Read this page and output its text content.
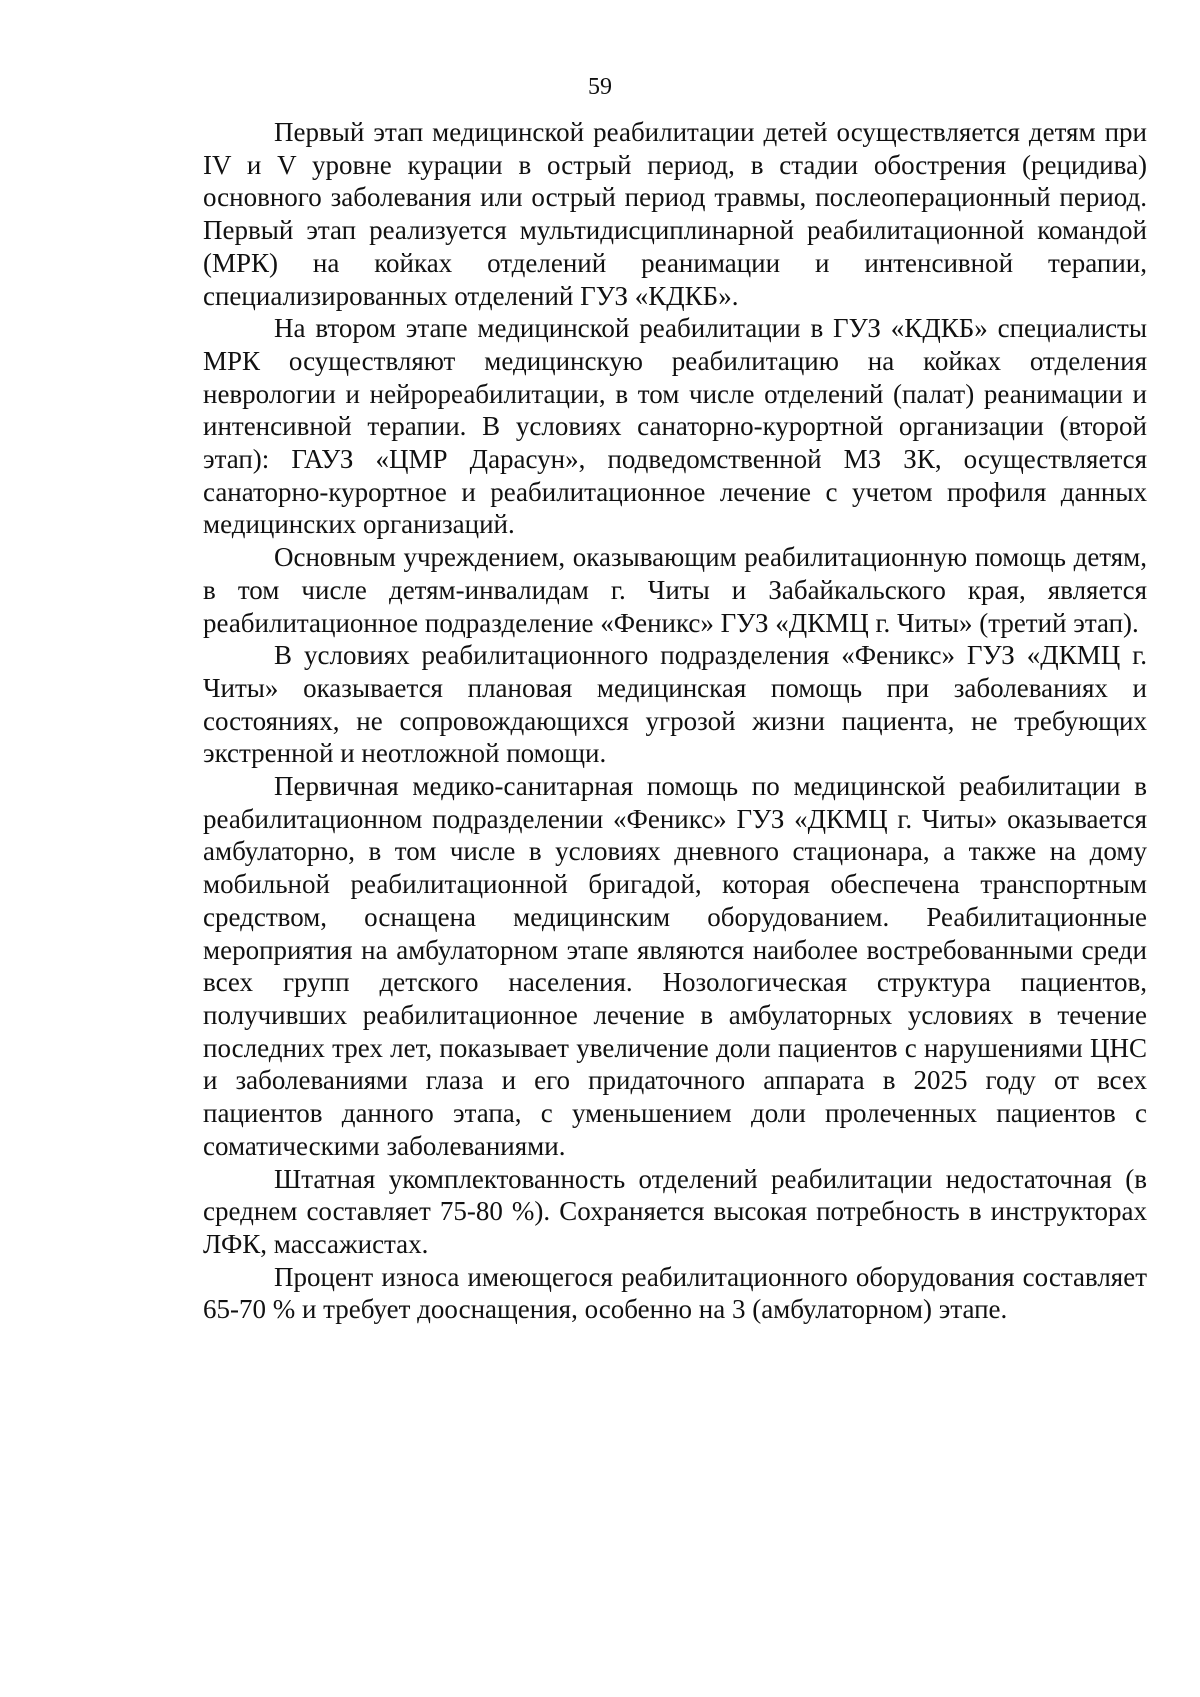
59

Первый этап медицинской реабилитации детей осуществляется детям при IV и V уровне курации в острый период, в стадии обострения (рецидива) основного заболевания или острый период травмы, послеоперационный период. Первый этап реализуется мультидисциплинарной реабилитационной командой (МРК) на койках отделений реанимации и интенсивной терапии, специализированных отделений ГУЗ «КДКБ».

На втором этапе медицинской реабилитации в ГУЗ «КДКБ» специалисты МРК осуществляют медицинскую реабилитацию на койках отделения неврологии и нейрореабилитации, в том числе отделений (палат) реанимации и интенсивной терапии. В условиях санаторно-курортной организации (второй этап): ГАУЗ «ЦМР Дарасун», подведомственной МЗ ЗК, осуществляется санаторно-курортное и реабилитационное лечение с учетом профиля данных медицинских организаций.

Основным учреждением, оказывающим реабилитационную помощь детям, в том числе детям-инвалидам г. Читы и Забайкальского края, является реабилитационное подразделение «Феникс» ГУЗ «ДКМЦ г. Читы» (третий этап).

В условиях реабилитационного подразделения «Феникс» ГУЗ «ДКМЦ г. Читы» оказывается плановая медицинская помощь при заболеваниях и состояниях, не сопровождающихся угрозой жизни пациента, не требующих экстренной и неотложной помощи.

Первичная медико-санитарная помощь по медицинской реабилитации в реабилитационном подразделении «Феникс» ГУЗ «ДКМЦ г. Читы» оказывается амбулаторно, в том числе в условиях дневного стационара, а также на дому мобильной реабилитационной бригадой, которая обеспечена транспортным средством, оснащена медицинским оборудованием. Реабилитационные мероприятия на амбулаторном этапе являются наиболее востребованными среди всех групп детского населения. Нозологическая структура пациентов, получивших реабилитационное лечение в амбулаторных условиях в течение последних трех лет, показывает увеличение доли пациентов с нарушениями ЦНС и заболеваниями глаза и его придаточного аппарата в 2025 году от всех пациентов данного этапа, с уменьшением доли пролеченных пациентов с соматическими заболеваниями.

Штатная укомплектованность отделений реабилитации недостаточная (в среднем составляет 75-80 %). Сохраняется высокая потребность в инструкторах ЛФК, массажистах.

Процент износа имеющегося реабилитационного оборудования составляет 65-70 % и требует дооснащения, особенно на 3 (амбулаторном) этапе.
